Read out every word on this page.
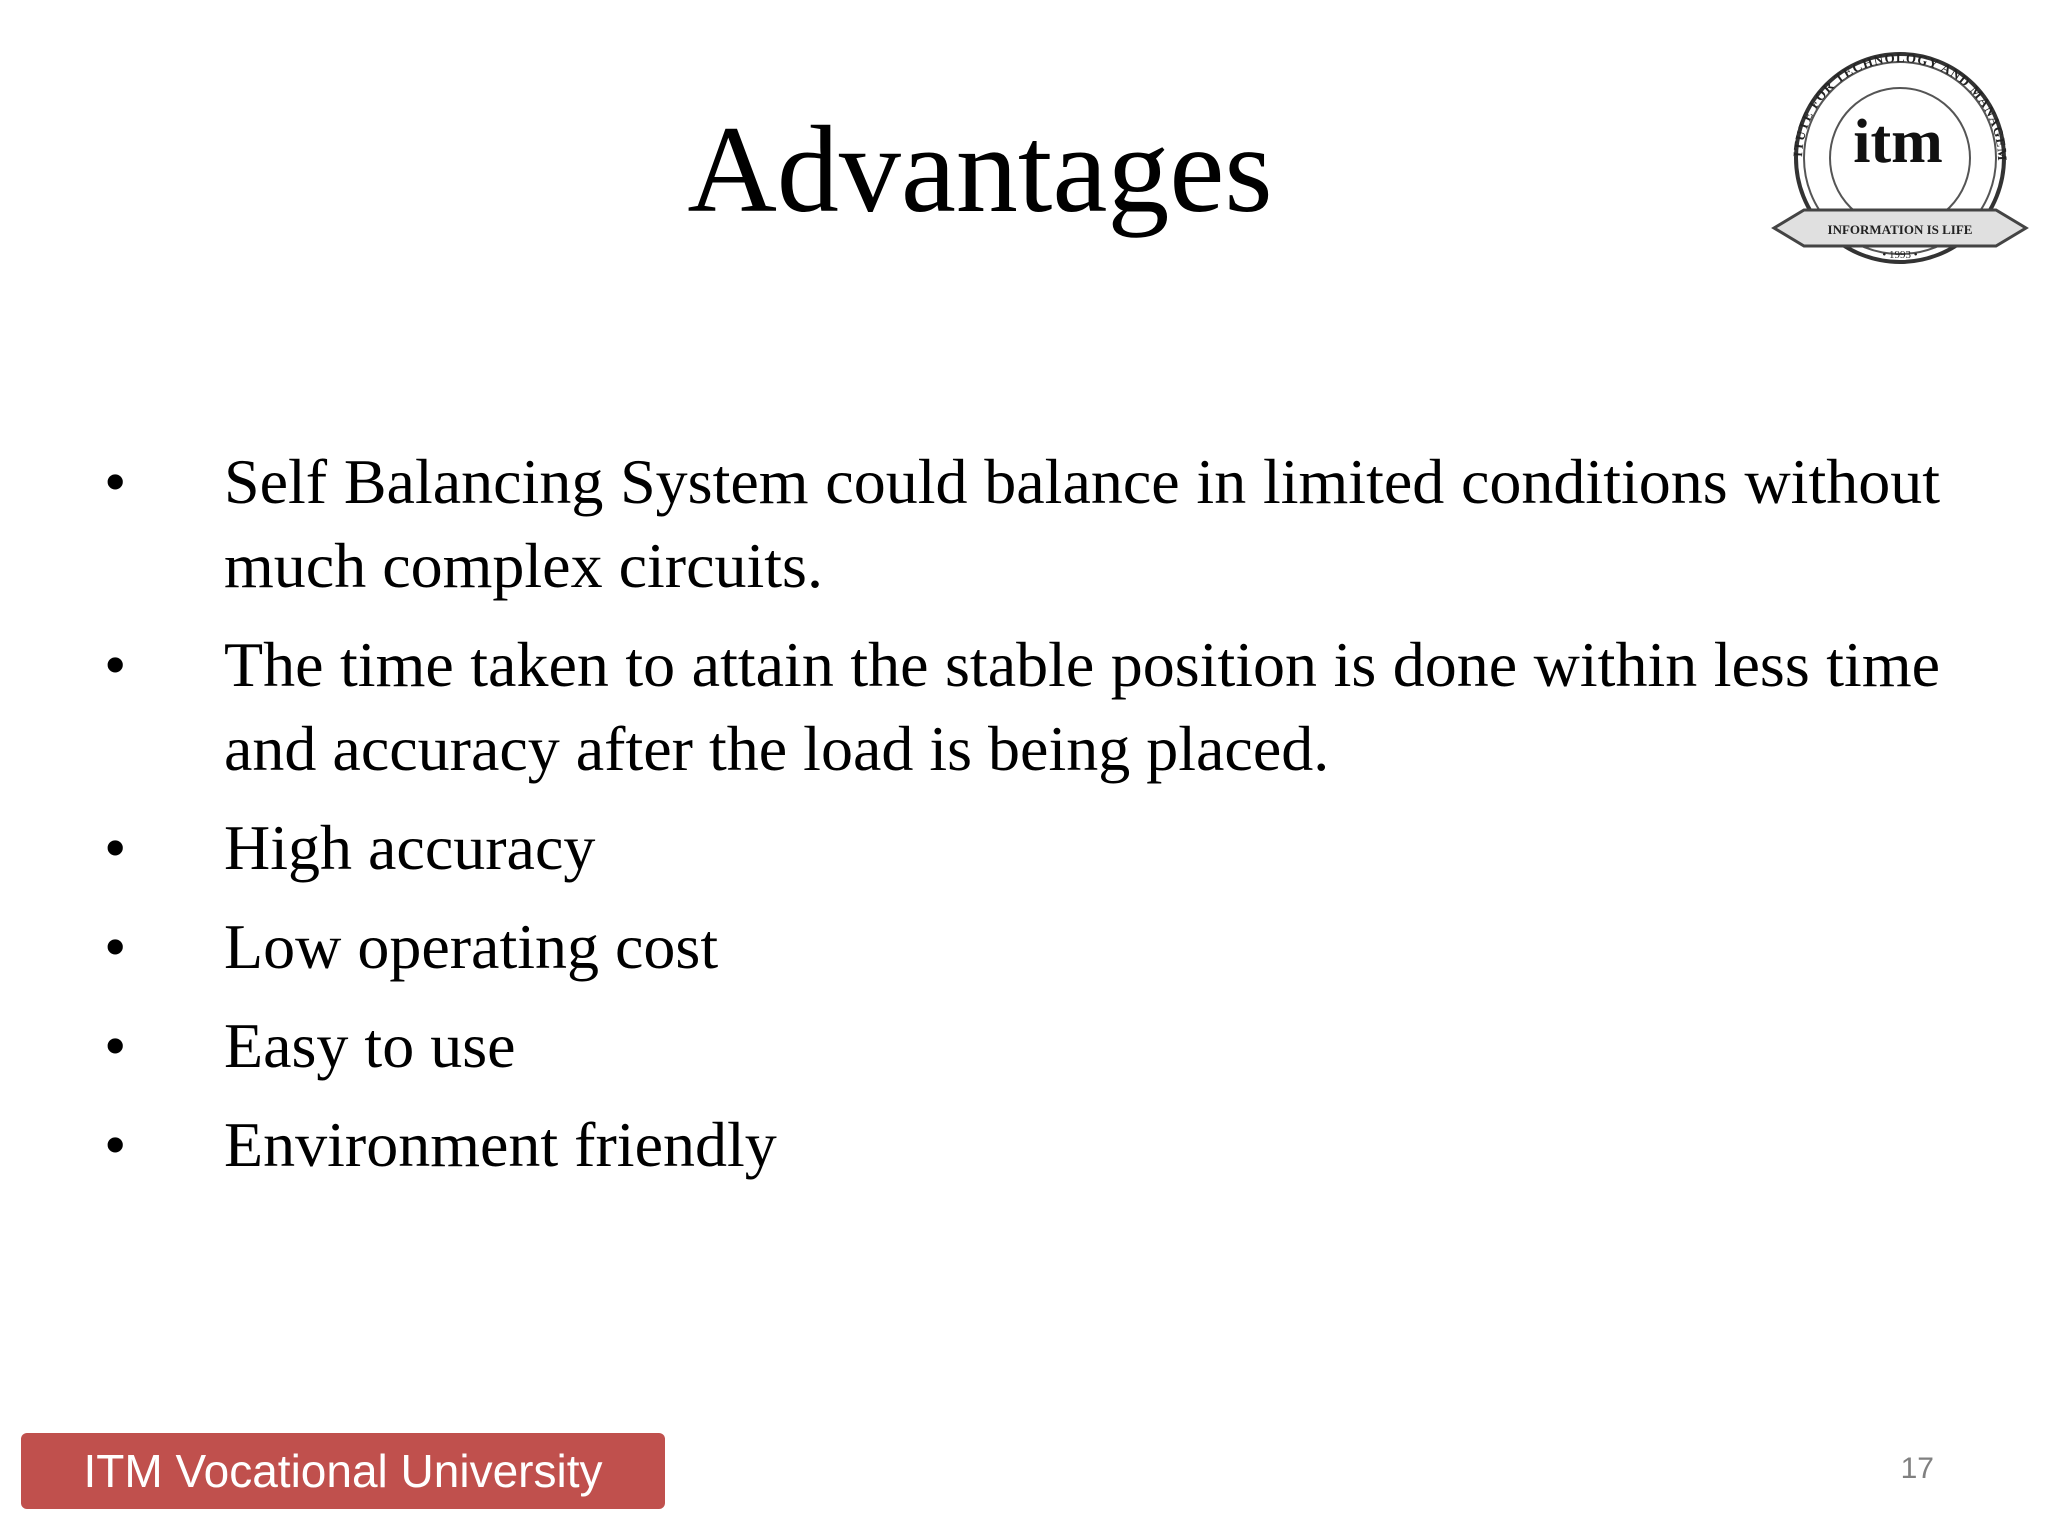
Advantages	ITUTE FOR TECHNOLOGY AND MANAGEM
itm
INFORMATION IS LIFE
• 1993 •
• Self Balancing System could balance in limited conditions without much complex circuits.
• The time taken to attain the stable position is done within less time and accuracy after the load is being placed.
• High accuracy
• Low operating cost
• Easy to use
• Environment friendly
ITM Vocational University	17
